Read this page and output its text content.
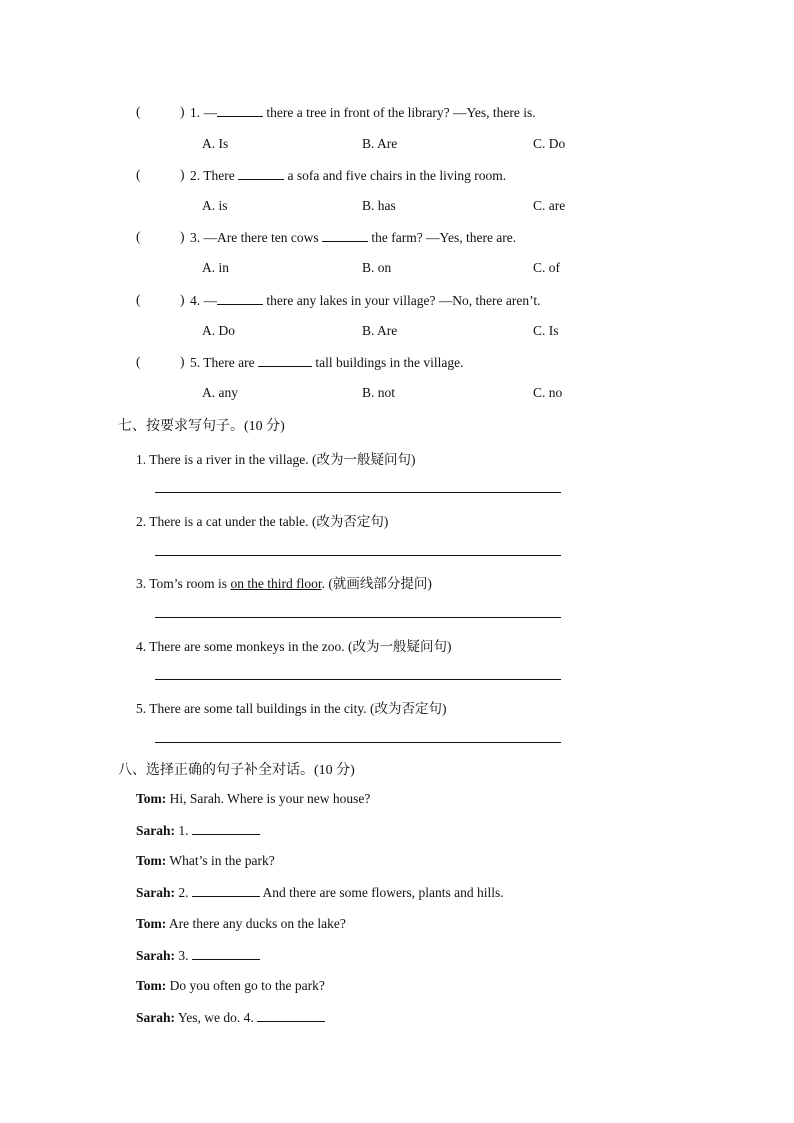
(	) 1. —	there a tree in front of the library? —Yes, there is.
A. Is	B. Are	C. Do
(	) 2. There	a sofa and five chairs in the living room.
A. is	B. has	C. are
(	) 3. —Are there ten cows	the farm? —Yes, there are.
A. in	B. on	C. of
(	) 4. —	there any lakes in your village? —No, there aren’t.
A. Do	B. Are	C. Is
(	) 5. There are	tall buildings in the village.
A. any	B. not	C. no
七、按要求写句子。(10 分)
1. There is a river in the village. (改为一般疑问句)
2. There is a cat under the table. (改为否定句)
3. Tom’s room is on the third floor. (就画线部分提问)
4. There are some monkeys in the zoo. (改为一般疑问句)
5. There are some tall buildings in the city. (改为否定句)
八、选择正确的句子补全对话。(10 分)
Tom: Hi, Sarah. Where is your new house?
Sarah: 1.
Tom: What’s in the park?
Sarah: 2.	And there are some flowers, plants and hills.
Tom: Are there any ducks on the lake?
Sarah: 3.
Tom: Do you often go to the park?
Sarah: Yes, we do. 4.
